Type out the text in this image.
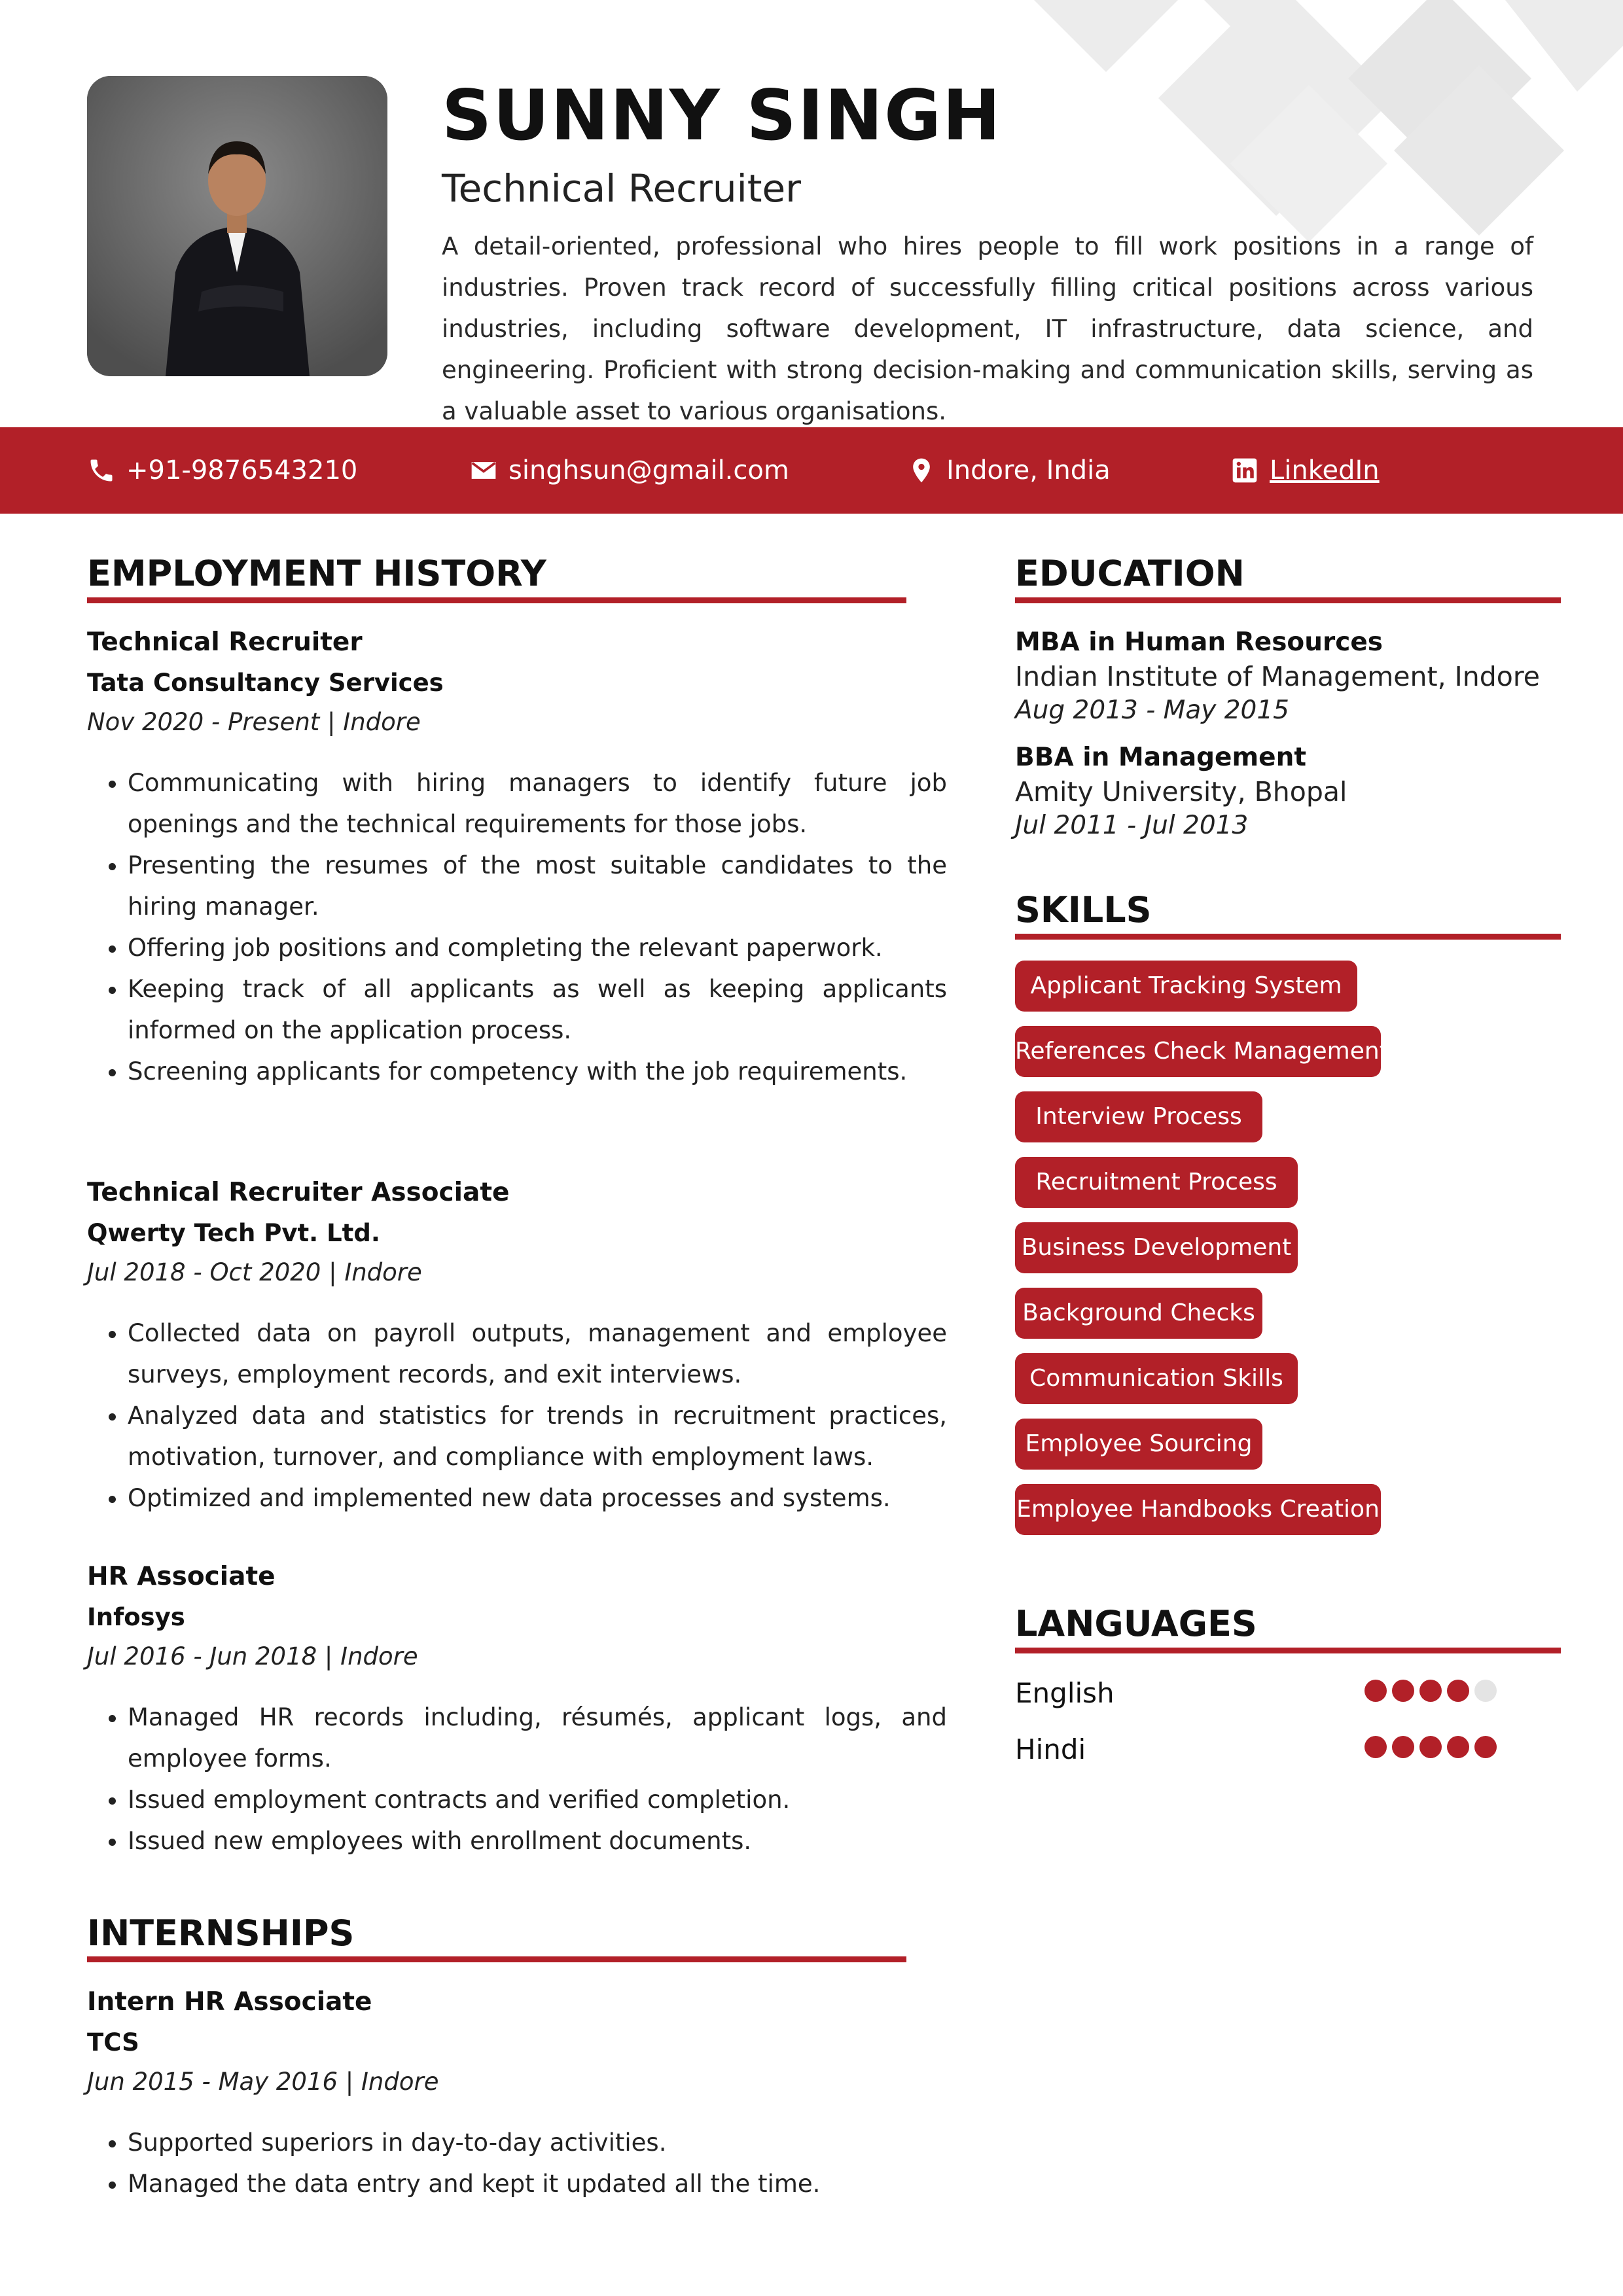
SUNNY SINGH
Technical Recruiter
A detail-oriented, professional who hires people to fill work positions in a range of industries. Proven track record of successfully filling critical positions across various industries, including software development, IT infrastructure, data science, and engineering. Proficient with strong decision-making and communication skills, serving as a valuable asset to various organisations.
+91-9876543210	singhsun@gmail.com	Indore, India	LinkedIn
EMPLOYMENT HISTORY
Technical Recruiter
Tata Consultancy Services
Nov 2020 - Present | Indore
• Communicating with hiring managers to identify future job openings and the technical requirements for those jobs.
• Presenting the resumes of the most suitable candidates to the hiring manager.
• Offering job positions and completing the relevant paperwork.
• Keeping track of all applicants as well as keeping applicants informed on the application process.
• Screening applicants for competency with the job requirements.
Technical Recruiter Associate
Qwerty Tech Pvt. Ltd.
Jul 2018 - Oct 2020 | Indore
• Collected data on payroll outputs, management and employee surveys, employment records, and exit interviews.
• Analyzed data and statistics for trends in recruitment practices, motivation, turnover, and compliance with employment laws.
• Optimized and implemented new data processes and systems.
HR Associate
Infosys
Jul 2016 - Jun 2018 | Indore
• Managed HR records including, résumés, applicant logs, and employee forms.
• Issued employment contracts and verified completion.
• Issued new employees with enrollment documents.
INTERNSHIPS
Intern HR Associate
TCS
Jun 2015 - May 2016 | Indore
• Supported superiors in day-to-day activities.
• Managed the data entry and kept it updated all the time.
EDUCATION
MBA in Human Resources
Indian Institute of Management, Indore
Aug 2013 - May 2015
BBA in Management
Amity University, Bhopal
Jul 2011 - Jul 2013
SKILLS
Applicant Tracking System
References Check Management
Interview Process
Recruitment Process
Business Development
Background Checks
Communication Skills
Employee Sourcing
Employee Handbooks Creation
LANGUAGES
English
Hindi
